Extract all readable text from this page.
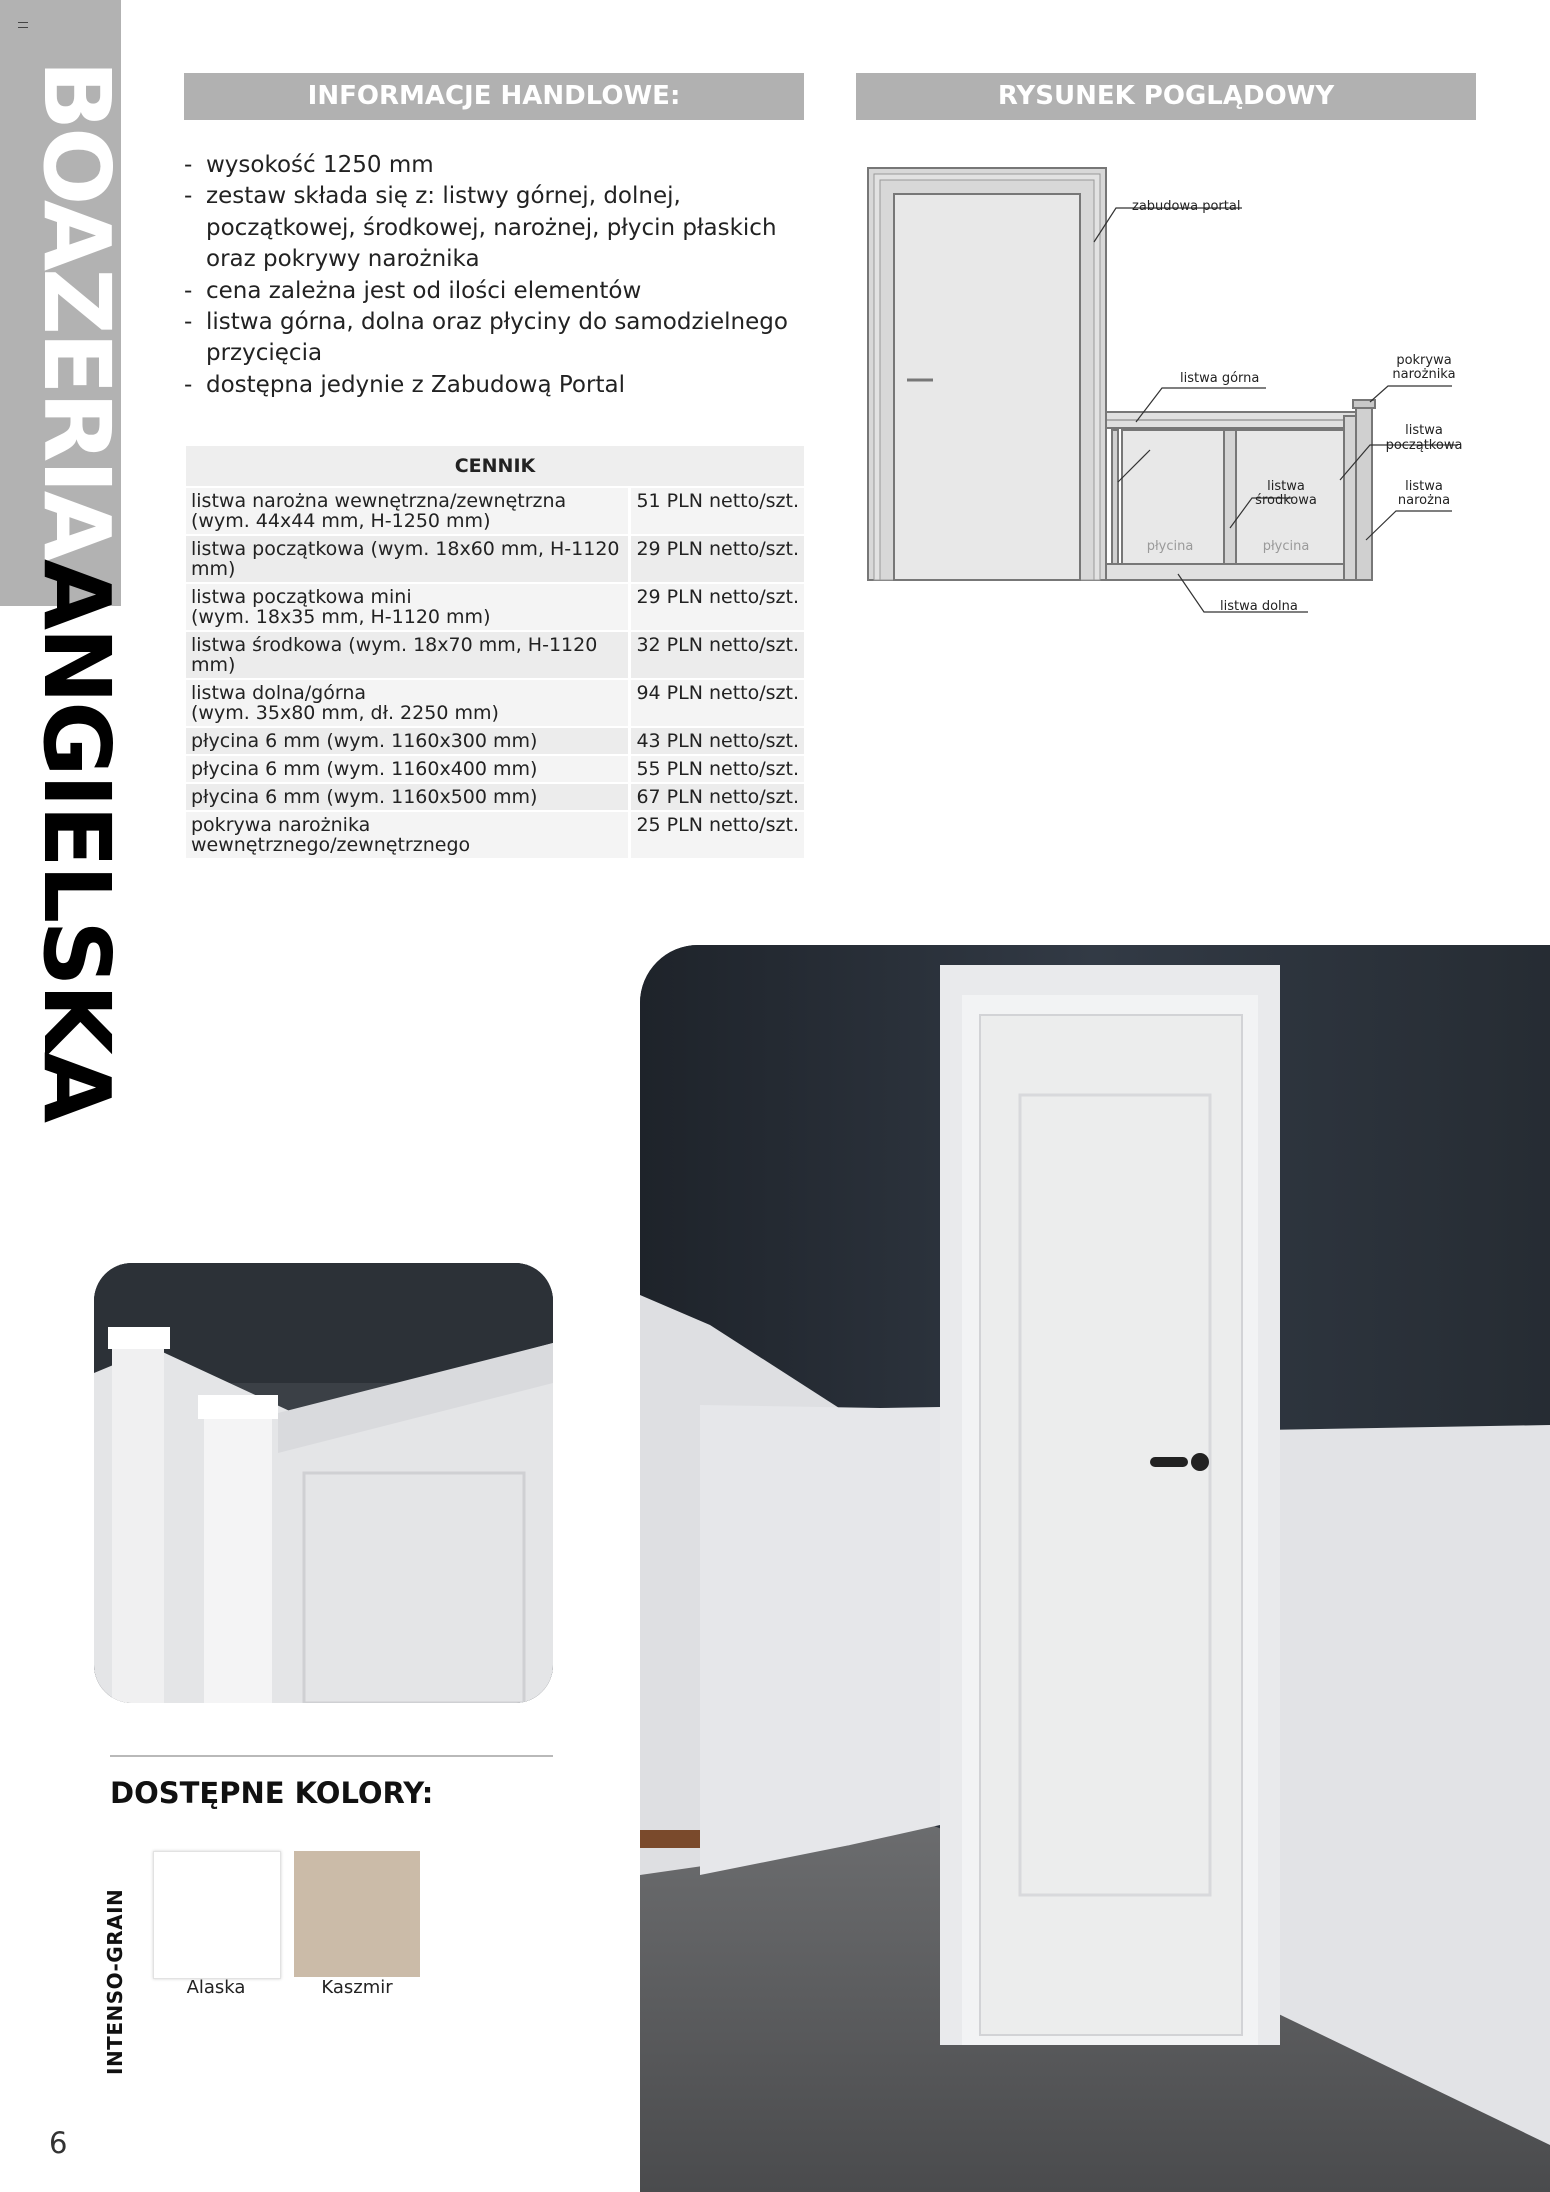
BOAZERIAANGIELSKA
INFORMACJE HANDLOWE:
- wysokość 1250 mm
- zestaw składa się z: listwy górnej, dolnej, początkowej, środkowej, narożnej, płycin płaskich oraz pokrywy narożnika
- cena zależna jest od ilości elementów
- listwa górna, dolna oraz płyciny do samodzielnego przycięcia
- dostępna jedynie z Zabudową Portal
CENNIK	
listwa narożna wewnętrzna/zewnętrzna
(wym. 44x44 mm, H-1250 mm)	51 PLN netto/szt.
listwa początkowa (wym. 18x60 mm, H-1120 mm)	29 PLN netto/szt.
listwa początkowa mini
(wym. 18x35 mm, H-1120 mm)	29 PLN netto/szt.
listwa środkowa (wym. 18x70 mm, H-1120 mm)	32 PLN netto/szt.
listwa dolna/górna
(wym. 35x80 mm, dł. 2250 mm)	94 PLN netto/szt.
płycina 6 mm (wym. 1160x300 mm)	43 PLN netto/szt.
płycina 6 mm (wym. 1160x400 mm)	55 PLN netto/szt.
płycina 6 mm (wym. 1160x500 mm)	67 PLN netto/szt.
pokrywa narożnika
wewnętrznego/zewnętrznego	25 PLN netto/szt.
RYSUNEK POGLĄDOWY
zabudowa portal
listwa górna
pokrywa
narożnika
listwa
początkowa
listwa
środkowa
listwa
narożna
płycina	płycina
listwa dolna
DOSTĘPNE KOLORY:
INTENSO-GRAIN	Alaska	Kaszmir
6
